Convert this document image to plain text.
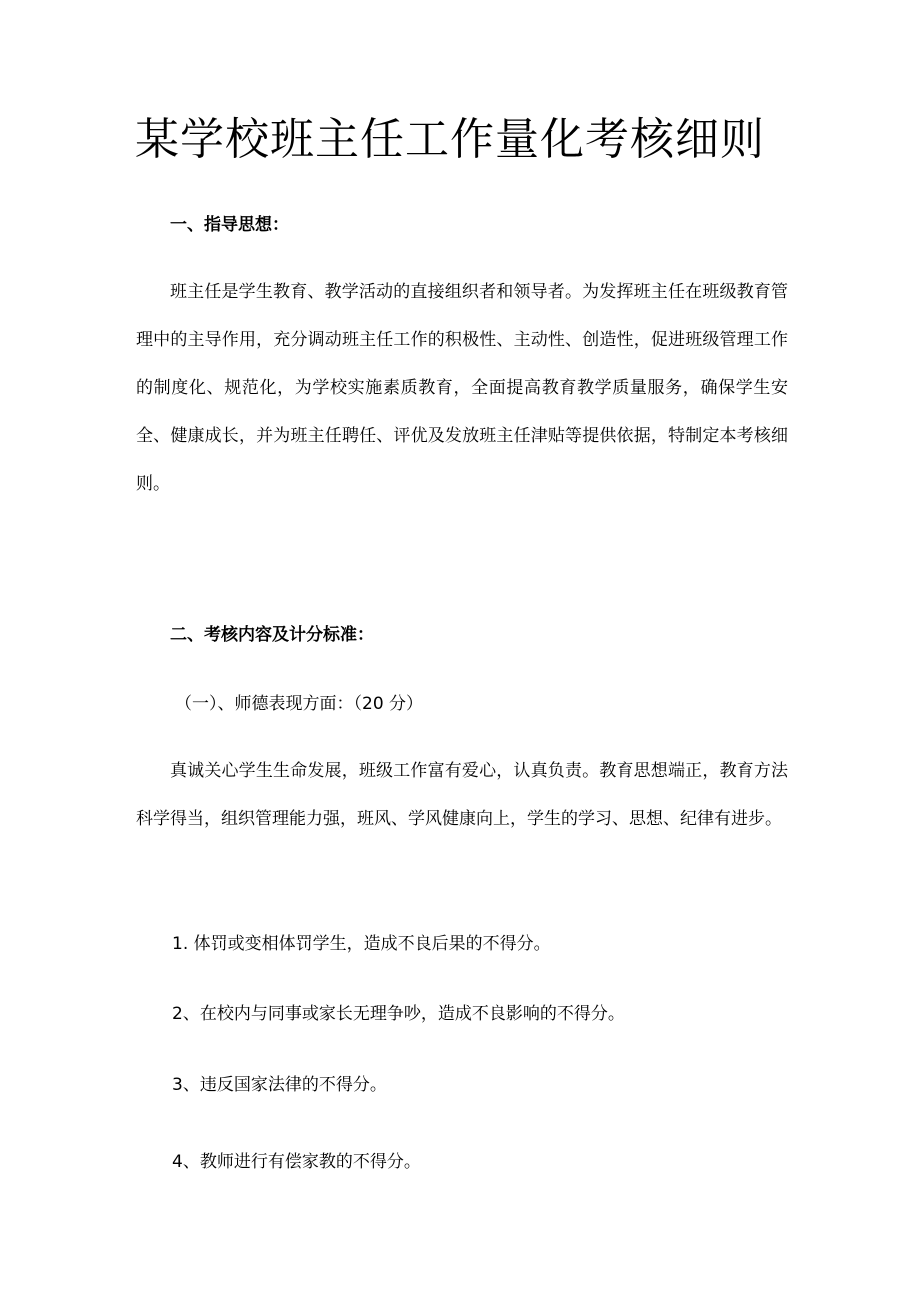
某学校班主任工作量化考核细则
一、指导思想：

班主任是学生教育、教学活动的直接组织者和领导者。为发挥班主任在班级教育管理中的主导作用，充分调动班主任工作的积极性、主动性、创造性，促进班级管理工作的制度化、规范化，为学校实施素质教育，全面提高教育教学质量服务，确保学生安全、健康成长，并为班主任聘任、评优及发放班主任津贴等提供依据，特制定本考核细则。

二、考核内容及计分标准：
（一）、师德表现方面：（20 分）

真诚关心学生生命发展，班级工作富有爱心，认真负责。教育思想端正，教育方法科学得当，组织管理能力强，班风、学风健康向上，学生的学习、思想、纪律有进步。

1. 体罚或变相体罚学生，造成不良后果的不得分。
2、在校内与同事或家长无理争吵，造成不良影响的不得分。
3、违反国家法律的不得分。
4、教师进行有偿家教的不得分。
